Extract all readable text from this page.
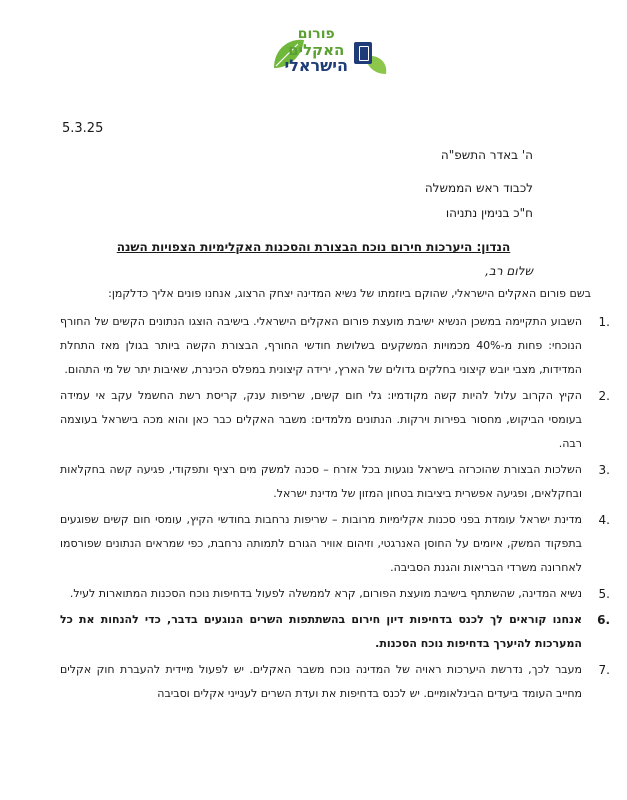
פורום
האקלים
הישראלי
5.3.25
ה' באדר התשפ"ה
לכבוד ראש הממשלה
ח"כ בנימין נתניהו
הנדון: היערכות חירום נוכח הבצורת והסכנות האקלימיות הצפויות השנה
שלום רב,
בשם פורום האקלים הישראלי, שהוקם ביוזמתו של נשיא המדינה יצחק הרצוג, אנחנו פונים אליך כדלקמן:
.1
השבוע התקיימה במשכן הנשיא ישיבת מועצת פורום האקלים הישראלי. בישיבה הוצגו הנתונים הקשים של החורף הנוכחי: פחות מ-40% מכמויות המשקעים בשלושת חודשי החורף, הבצורת הקשה ביותר בגולן מאז התחלת המדידות, מצבי יובש קיצוני בחלקים גדולים של הארץ, ירידה קיצונית במפלס הכינרת, שאיבות יתר של מי התהום.
.2
הקיץ הקרוב עלול להיות קשה מקודמיו: גלי חום קשים, שריפות ענק, קריסת רשת החשמל עקב אי עמידה בעומסי הביקוש, מחסור בפירות וירקות. הנתונים מלמדים: משבר האקלים כבר כאן והוא מכה בישראל בעוצמה רבה.
.3
השלכות הבצורת שהוכרזה בישראל נוגעות בכל אזרח – סכנה למשק מים רציף ותפקודי, פגיעה קשה בחקלאות ובחקלאים, ופגיעה אפשרית ביציבות בטחון המזון של מדינת ישראל.
.4
מדינת ישראל עומדת בפני סכנות אקלימיות מרובות – שריפות נרחבות בחודשי הקיץ, עומסי חום קשים שפוגעים בתפקוד המשק, איומים על החוסן האנרגטי, וזיהום אוויר הגורם לתמותה נרחבת, כפי שמראים הנתונים שפורסמו לאחרונה משרדי הבריאות והגנת הסביבה.
.5
נשיא המדינה, שהשתתף בישיבת מועצת הפורום, קרא לממשלה לפעול בדחיפות נוכח הסכנות המתוארות לעיל.
.6
אנחנו קוראים לך לכנס בדחיפות דיון חירום בהשתתפות השרים הנוגעים בדבר, כדי להנחות את כל המערכות להיערך בדחיפות נוכח הסכנות.
.7
מעבר לכך, נדרשת היערכות ראויה של המדינה נוכח משבר האקלים. יש לפעול מיידית להעברת חוק אקלים מחייב העומד ביעדים הבינלאומיים. יש לכנס בדחיפות את ועדת השרים לענייני אקלים וסביבה
